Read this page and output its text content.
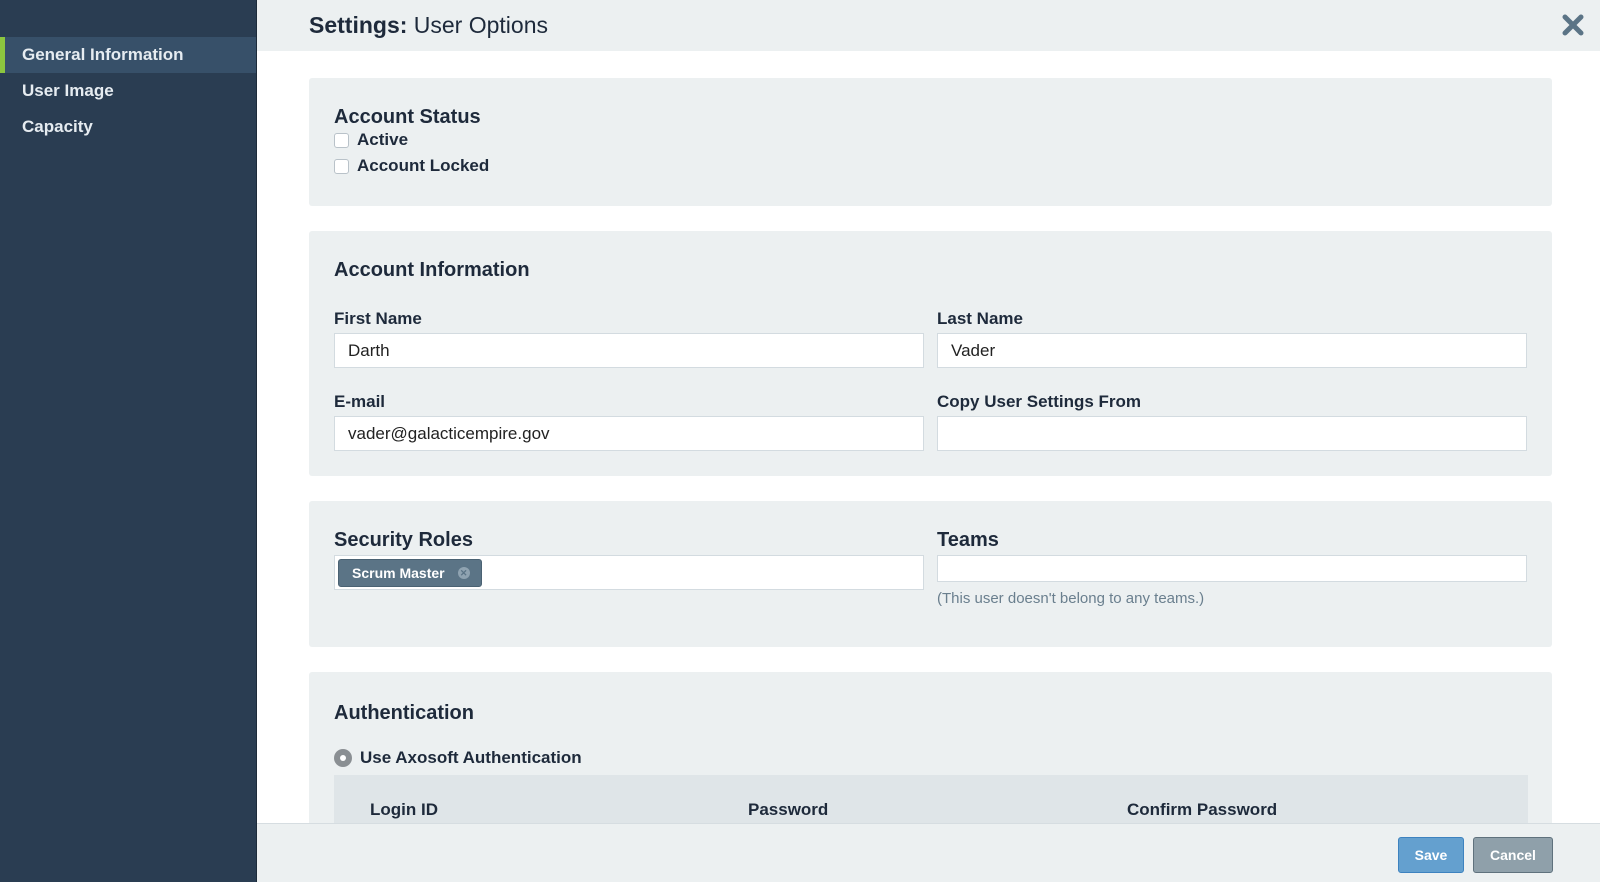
General Information
User Image
Capacity
Settings: User Options
Account Status
Active
Account Locked
Account Information
First Name
Darth
Last Name
Vader
E-mail
vader@galacticempire.gov
Copy User Settings From
Security Roles
Scrum Master ✕
Teams
(This user doesn't belong to any teams.)
Authentication
Use Axosoft Authentication
Login ID	Password	Confirm Password
Save	Cancel
